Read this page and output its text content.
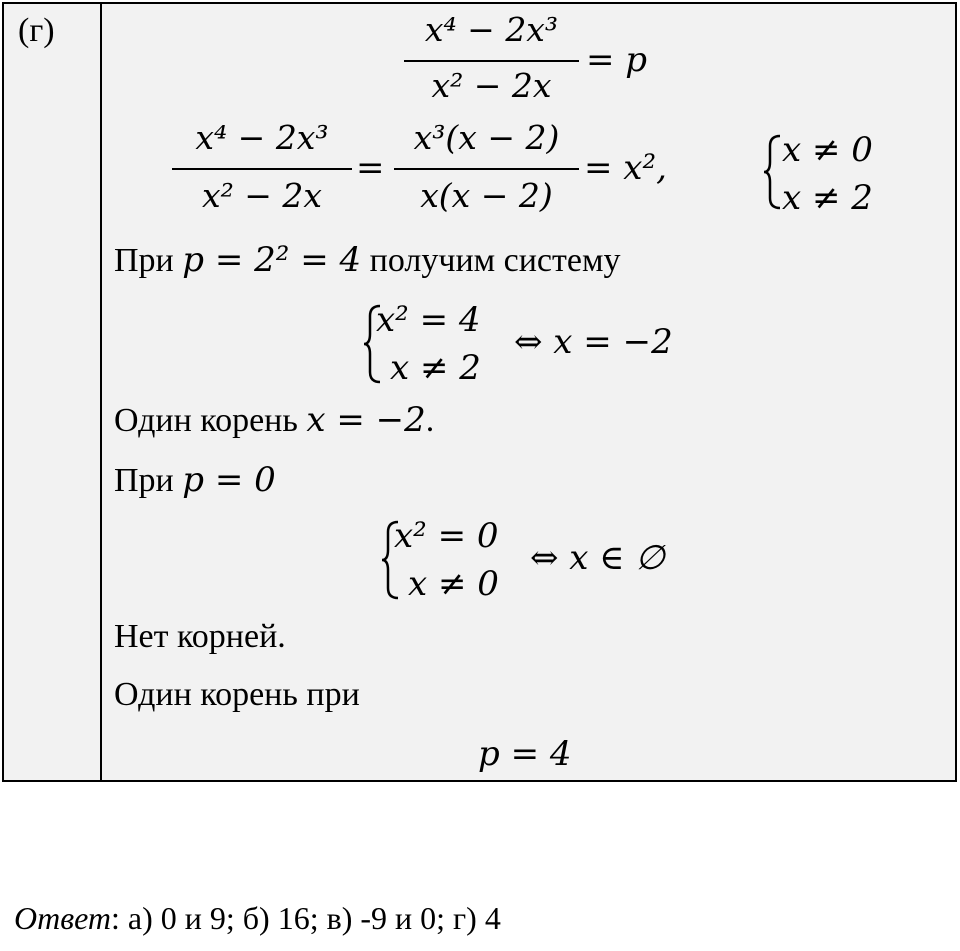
(г)	x⁴ − 2x³
x² − 2x
= p
x⁴ − 2x³
x² − 2x
=
x³(x − 2)
x(x − 2)
= x²,	x ≠ 0
x ≠ 2
При p = 2² = 4 получим систему
x² = 4
x ≠ 2
⇔ x = −2
Один корень x = −2.
При p = 0
x² = 0
x ≠ 0
⇔ x ∈ ∅
Нет корней.
Один корень при
p = 4
Ответ: а) 0 и 9; б) 16; в) -9 и 0; г) 4
